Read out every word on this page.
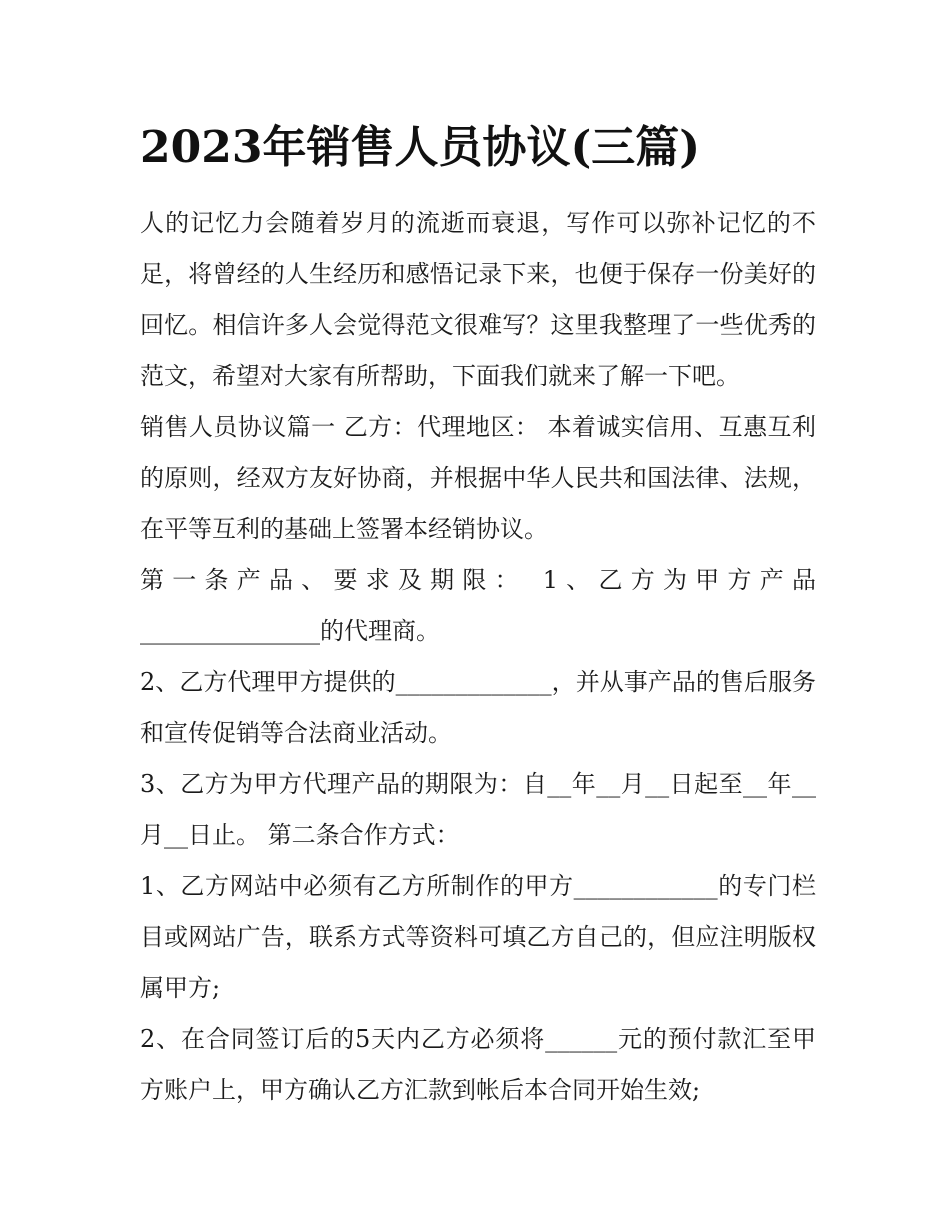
2023年销售人员协议(三篇)

人的记忆力会随着岁月的流逝而衰退，写作可以弥补记忆的不足，将曾经的人生经历和感悟记录下来，也便于保存一份美好的回忆。相信许多人会觉得范文很难写？这里我整理了一些优秀的范文，希望对大家有所帮助，下面我们就来了解一下吧。

销售人员协议篇一 乙方：代理地区： 本着诚实信用、互惠互利的原则，经双方友好协商，并根据中华人民共和国法律、法规，在平等互利的基础上签署本经销协议。

第一条产品、要求及期限： 1、乙方为甲方产品_______________的代理商。

2、乙方代理甲方提供的_____________，并从事产品的售后服务和宣传促销等合法商业活动。

3、乙方为甲方代理产品的期限为：自__年__月__日起至__年__月__日止。 第二条合作方式：

1、乙方网站中必须有乙方所制作的甲方____________的专门栏目或网站广告，联系方式等资料可填乙方自己的，但应注明版权属甲方;

2、在合同签订后的5天内乙方必须将______元的预付款汇至甲方账户上，甲方确认乙方汇款到帐后本合同开始生效;
